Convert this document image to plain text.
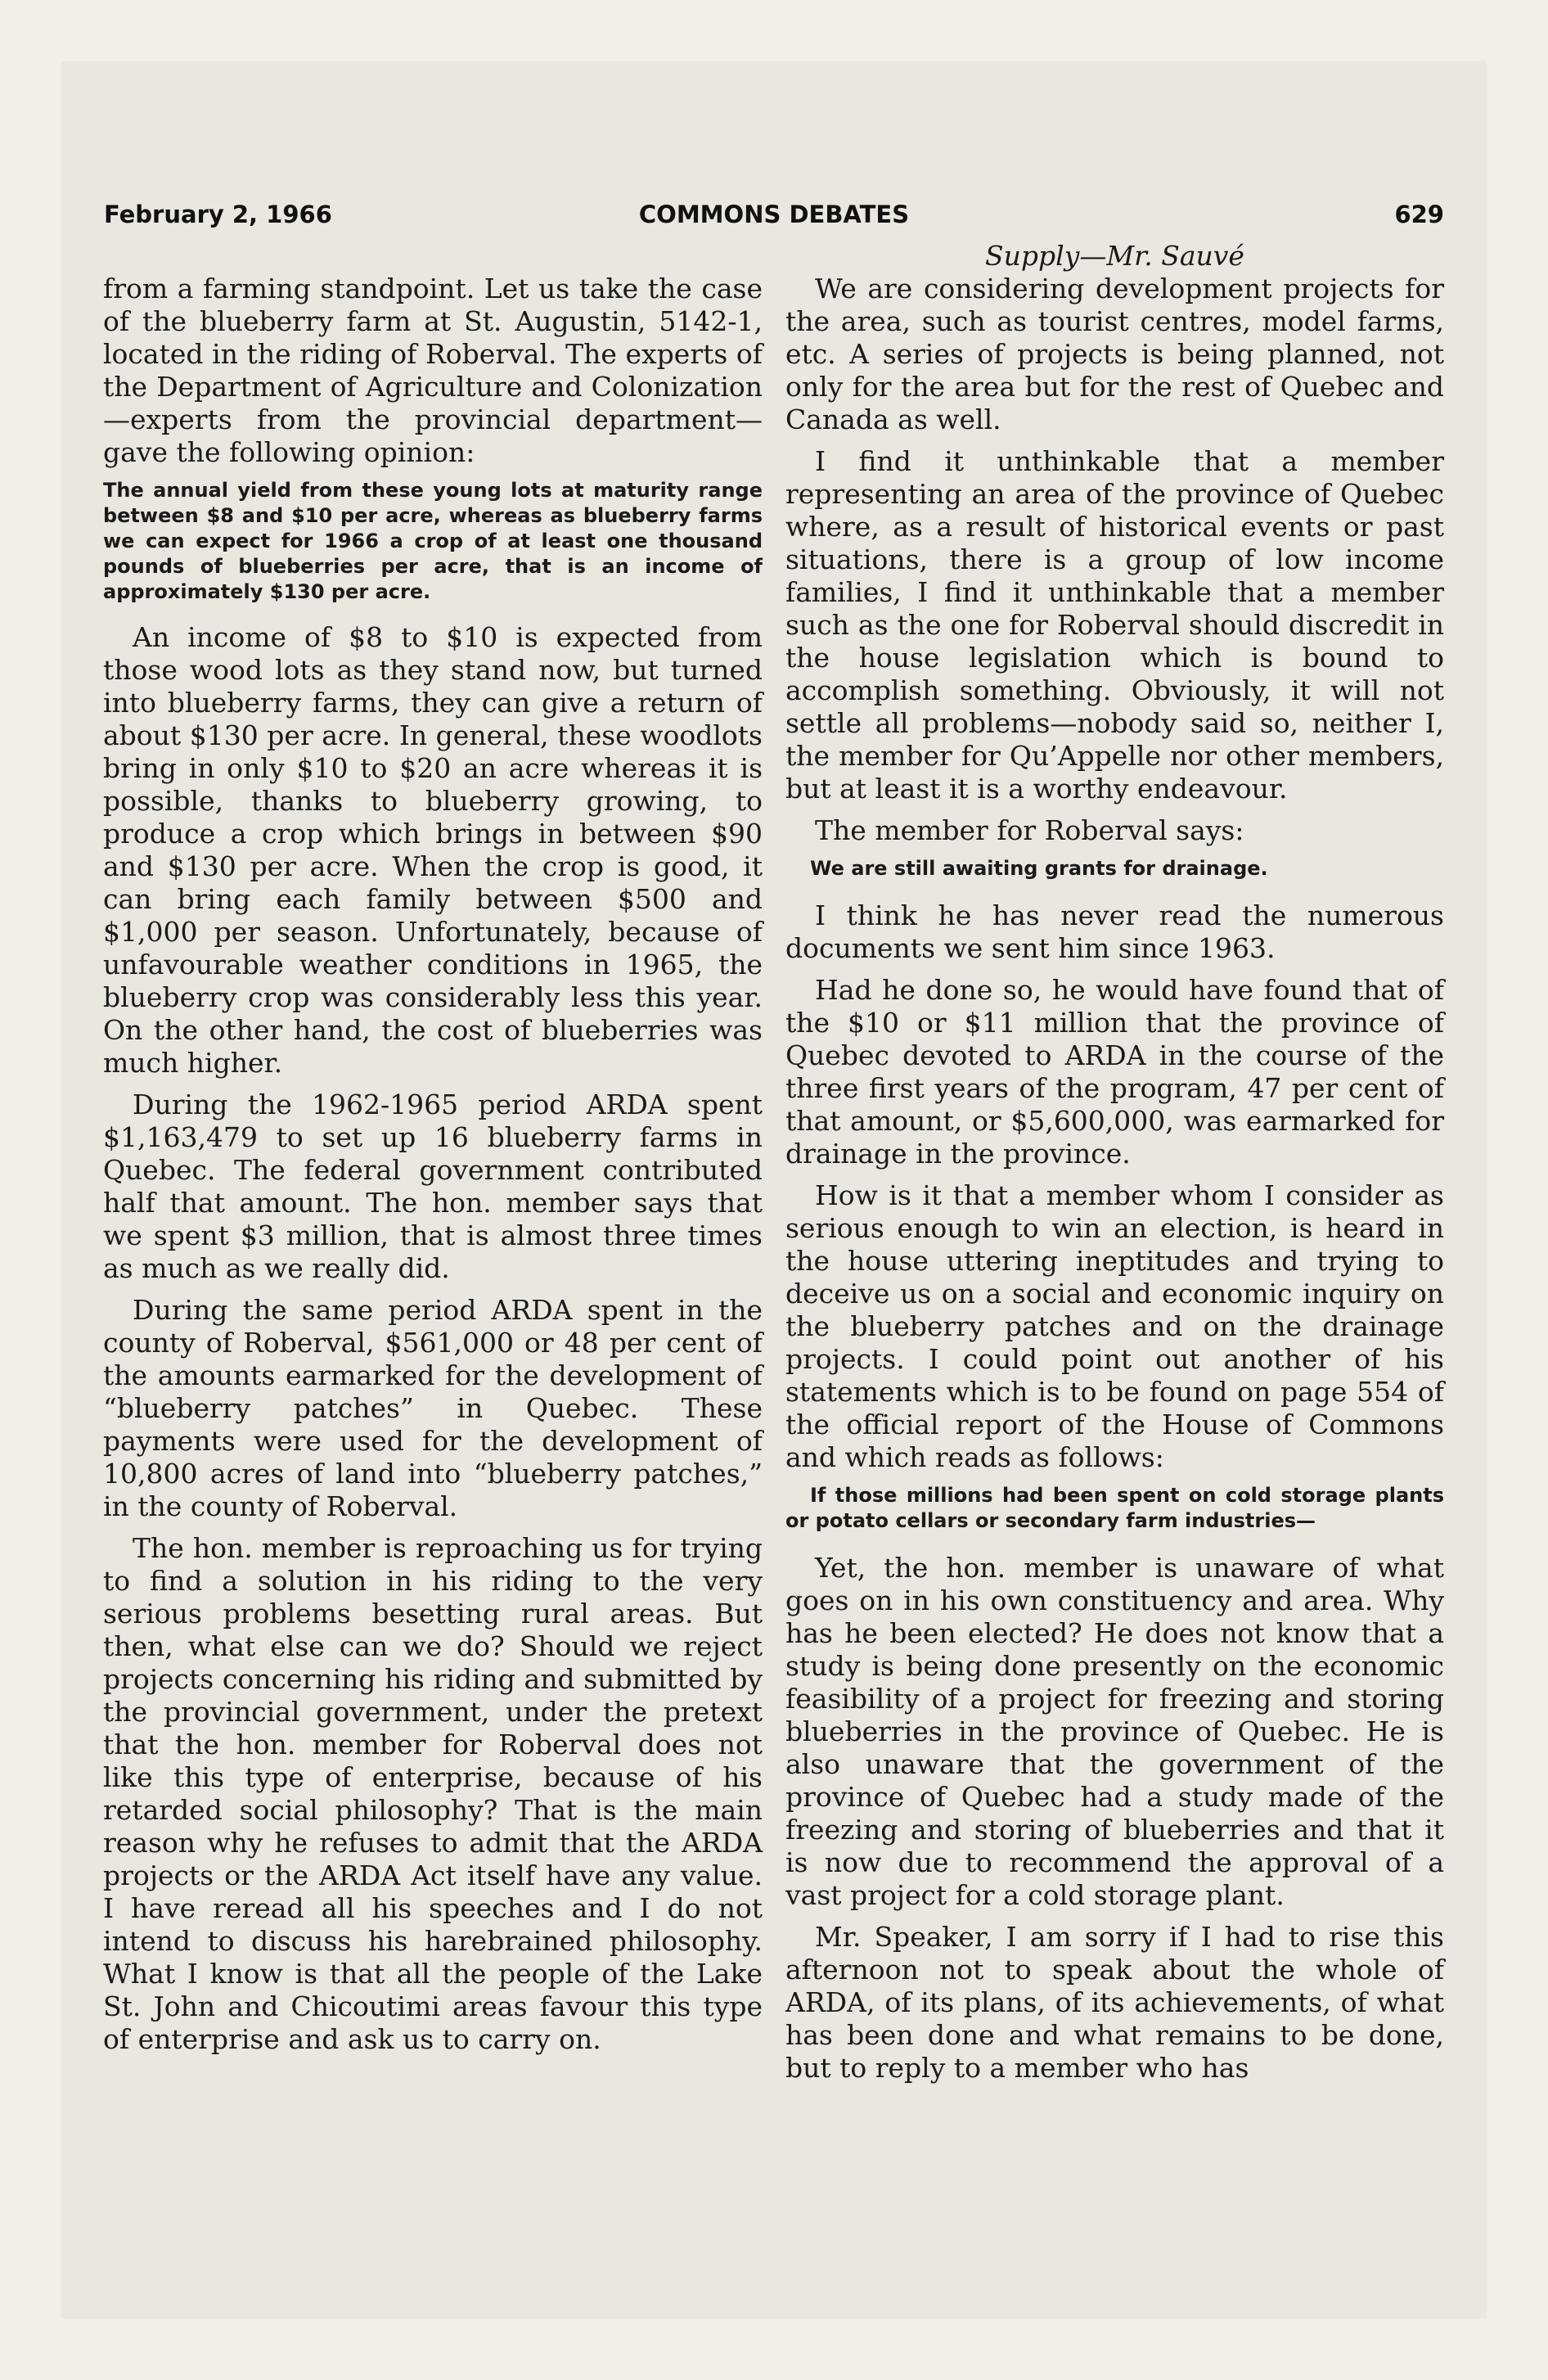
February 2, 1966	COMMONS DEBATES	629

from a farming standpoint. Let us take the case of the blueberry farm at St. Augustin, 5142-1, located in the riding of Roberval. The experts of the Department of Agriculture and Colonization—experts from the provincial department—gave the following opinion:

The annual yield from these young lots at maturity range between $8 and $10 per acre, whereas as blueberry farms we can expect for 1966 a crop of at least one thousand pounds of blueberries per acre, that is an income of approximately $130 per acre.

An income of $8 to $10 is expected from those wood lots as they stand now, but turned into blueberry farms, they can give a return of about $130 per acre. In general, these woodlots bring in only $10 to $20 an acre whereas it is possible, thanks to blueberry growing, to produce a crop which brings in between $90 and $130 per acre. When the crop is good, it can bring each family between $500 and $1,000 per season. Unfortunately, because of unfavourable weather conditions in 1965, the blueberry crop was considerably less this year. On the other hand, the cost of blueberries was much higher.

During the 1962-1965 period ARDA spent $1,163,479 to set up 16 blueberry farms in Quebec. The federal government contributed half that amount. The hon. member says that we spent $3 million, that is almost three times as much as we really did.

During the same period ARDA spent in the county of Roberval, $561,000 or 48 per cent of the amounts earmarked for the development of “blueberry patches” in Quebec. These payments were used for the development of 10,800 acres of land into “blueberry patches,” in the county of Roberval.

The hon. member is reproaching us for trying to find a solution in his riding to the very serious problems besetting rural areas. But then, what else can we do? Should we reject projects concerning his riding and submitted by the provincial government, under the pretext that the hon. member for Roberval does not like this type of enterprise, because of his retarded social philosophy? That is the main reason why he refuses to admit that the ARDA projects or the ARDA Act itself have any value. I have reread all his speeches and I do not intend to discuss his harebrained philosophy. What I know is that all the people of the Lake St. John and Chicoutimi areas favour this type of enterprise and ask us to carry on.

Supply—Mr. Sauvé

We are considering development projects for the area, such as tourist centres, model farms, etc. A series of projects is being planned, not only for the area but for the rest of Quebec and Canada as well.

I find it unthinkable that a member representing an area of the province of Quebec where, as a result of historical events or past situations, there is a group of low income families, I find it unthinkable that a member such as the one for Roberval should discredit in the house legislation which is bound to accomplish something. Obviously, it will not settle all problems—nobody said so, neither I, the member for Qu’Appelle nor other members, but at least it is a worthy endeavour.

The member for Roberval says:

We are still awaiting grants for drainage.

I think he has never read the numerous documents we sent him since 1963.

Had he done so, he would have found that of the $10 or $11 million that the province of Quebec devoted to ARDA in the course of the three first years of the program, 47 per cent of that amount, or $5,600,000, was earmarked for drainage in the province.

How is it that a member whom I consider as serious enough to win an election, is heard in the house uttering ineptitudes and trying to deceive us on a social and economic inquiry on the blueberry patches and on the drainage projects. I could point out another of his statements which is to be found on page 554 of the official report of the House of Commons and which reads as follows:

If those millions had been spent on cold storage plants or potato cellars or secondary farm industries—

Yet, the hon. member is unaware of what goes on in his own constituency and area. Why has he been elected? He does not know that a study is being done presently on the economic feasibility of a project for freezing and storing blueberries in the province of Quebec. He is also unaware that the government of the province of Quebec had a study made of the freezing and storing of blueberries and that it is now due to recommend the approval of a vast project for a cold storage plant.

Mr. Speaker, I am sorry if I had to rise this afternoon not to speak about the whole of ARDA, of its plans, of its achievements, of what has been done and what remains to be done, but to reply to a member who has
